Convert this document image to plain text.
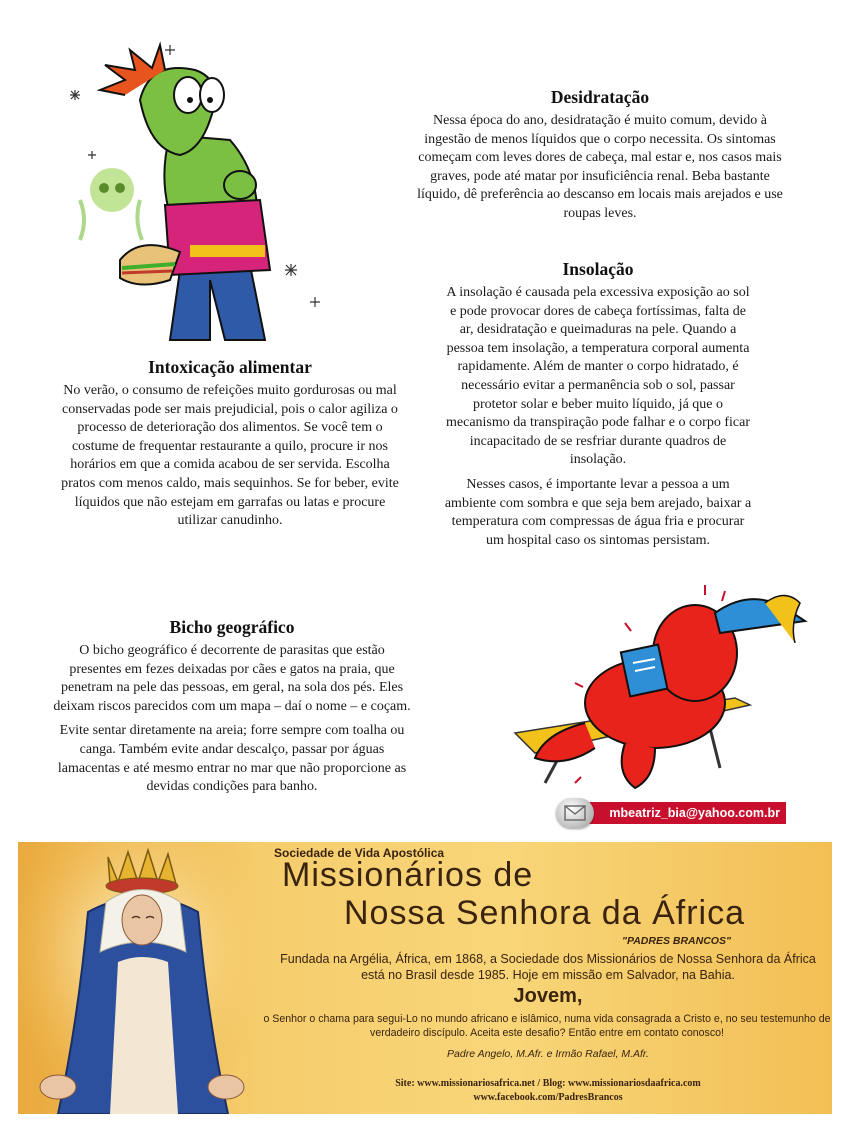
Desidratação

Nessa época do ano, desidratação é muito comum, devido à ingestão de menos líquidos que o corpo necessita. Os sintomas começam com leves dores de cabeça, mal estar e, nos casos mais graves, pode até matar por insuficiência renal. Beba bastante líquido, dê preferência ao descanso em locais mais arejados e use roupas leves.

Insolação

A insolação é causada pela excessiva exposição ao sol e pode provocar dores de cabeça fortíssimas, falta de ar, desidratação e queimaduras na pele. Quando a pessoa tem insolação, a temperatura corporal aumenta rapidamente. Além de manter o corpo hidratado, é necessário evitar a permanência sob o sol, passar protetor solar e beber muito líquido, já que o mecanismo da transpiração pode falhar e o corpo ficar incapacitado de se resfriar durante quadros de insolação.

Nesses casos, é importante levar a pessoa a um ambiente com sombra e que seja bem arejado, baixar a temperatura com compressas de água fria e procurar um hospital caso os sintomas persistam.

Intoxicação alimentar

No verão, o consumo de refeições muito gordurosas ou mal conservadas pode ser mais prejudicial, pois o calor agiliza o processo de deterioração dos alimentos. Se você tem o costume de frequentar restaurante a quilo, procure ir nos horários em que a comida acabou de ser servida. Escolha pratos com menos caldo, mais sequinhos. Se for beber, evite líquidos que não estejam em garrafas ou latas e procure utilizar canudinho.

Bicho geográfico

O bicho geográfico é decorrente de parasitas que estão presentes em fezes deixadas por cães e gatos na praia, que penetram na pele das pessoas, em geral, na sola dos pés. Eles deixam riscos parecidos com um mapa – daí o nome – e coçam.

Evite sentar diretamente na areia; forre sempre com toalha ou canga. Também evite andar descalço, passar por águas lamacentas e até mesmo entrar no mar que não proporcione as devidas condições para banho.

mbeatriz_bia@yahoo.com.br
Sociedade de Vida Apostólica
Missionários de
Nossa Senhora da África
"PADRES BRANCOS"
Fundada na Argélia, África, em 1868, a Sociedade dos Missionários de Nossa Senhora da África está no Brasil desde 1985. Hoje em missão em Salvador, na Bahia.
Jovem,
o Senhor o chama para segui-Lo no mundo africano e islâmico, numa vida consagrada a Cristo e, no seu testemunho de verdadeiro discípulo. Aceita este desafio? Então entre em contato conosco!
Padre Angelo, M.Afr. e Irmão Rafael, M.Afr.
Site: www.missionariosafrica.net / Blog: www.missionariosdaafrica.com
www.facebook.com/PadresBrancos
